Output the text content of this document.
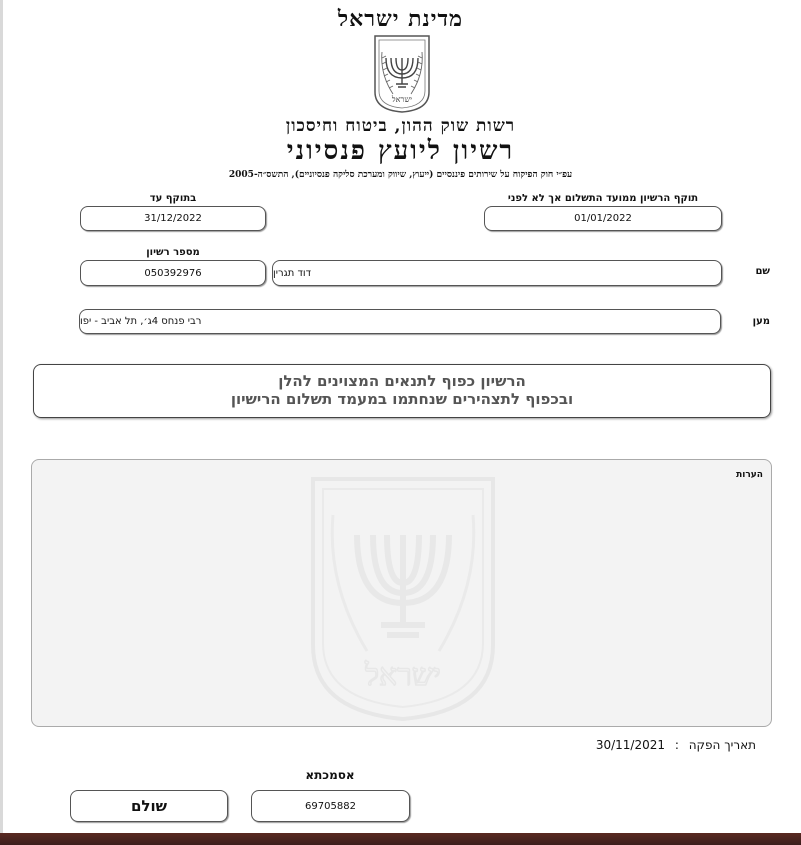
מדינת ישראל
ישראל
רשות שוק ההון, ביטוח וחיסכון
רשיון ליועץ פנסיוני
עפ״י חוק הפיקוח על שירותים פיננסיים (ייעוץ, שיווק ומערכת סליקה פנסיוניים), התשס״ה-2005
תוקף הרשיון ממועד התשלום אך לא לפני
01/01/2022
בתוקף עד
31/12/2022
מספר רשיון
050392976	דוד תגרין	שם
רבי פנחס 4ג׳, תל אביב - יפו	מען
הרשיון כפוף לתנאים המצוינים להלן
ובכפוף לתצהירים שנחתמו במעמד תשלום הרישיון
הערות
ישראל
תאריך הפקה : 30/11/2021
אסמכתא
69705882
שולם
